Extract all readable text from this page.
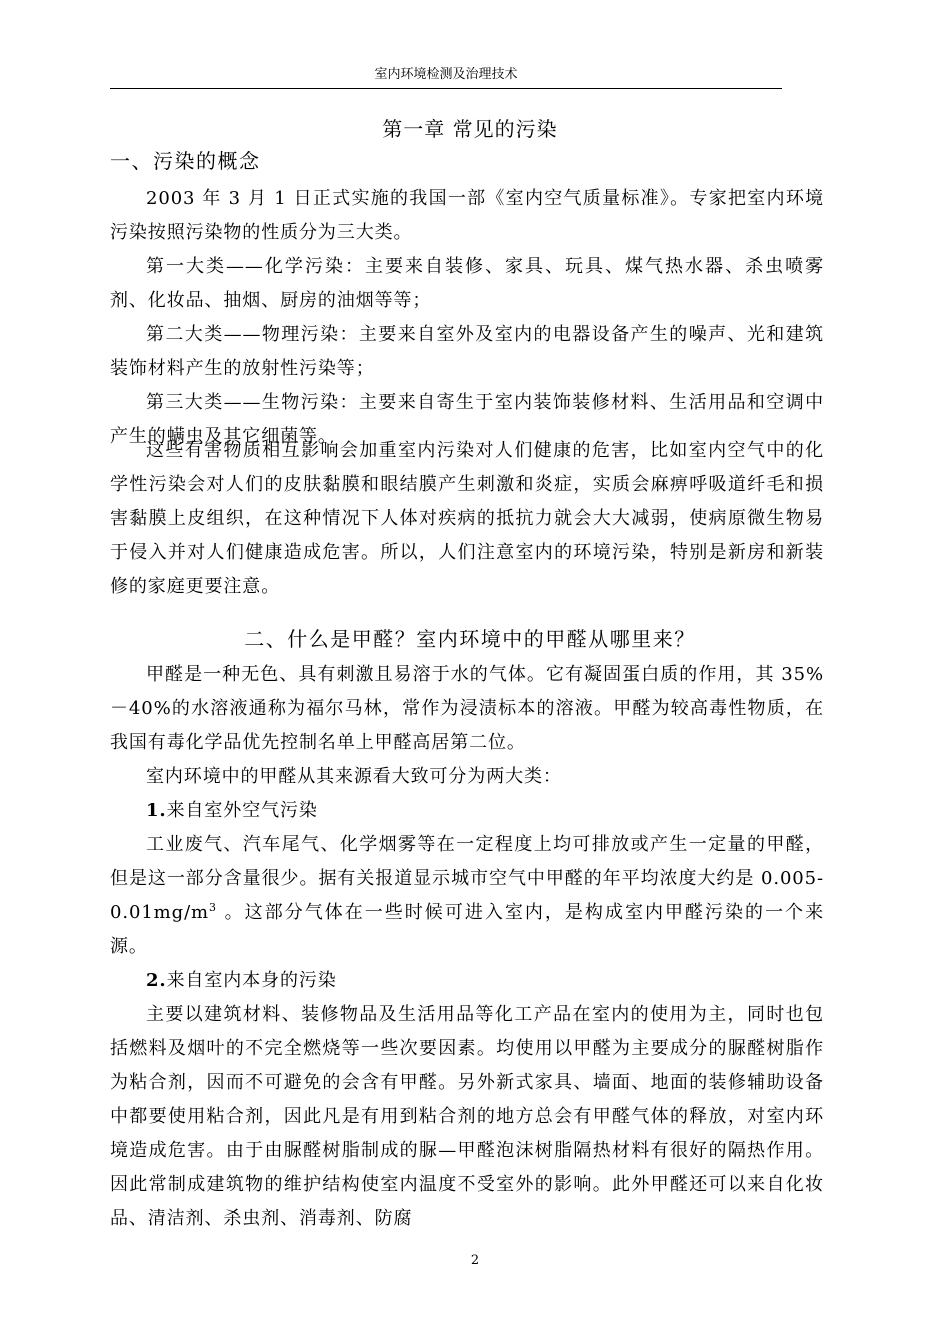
室内环境检测及治理技术
第一章 常见的污染
一、污染的概念

2003 年 3 月 1 日正式实施的我国一部《室内空气质量标准》。专家把室内环境污染按照污染物的性质分为三大类。

第一大类——化学污染：主要来自装修、家具、玩具、煤气热水器、杀虫喷雾剂、化妆品、抽烟、厨房的油烟等等；

第二大类——物理污染：主要来自室外及室内的电器设备产生的噪声、光和建筑装饰材料产生的放射性污染等；

第三大类——生物污染：主要来自寄生于室内装饰装修材料、生活用品和空调中产生的螨虫及其它细菌等。

这些有害物质相互影响会加重室内污染对人们健康的危害，比如室内空气中的化学性污染会对人们的皮肤黏膜和眼结膜产生刺激和炎症，实质会麻痹呼吸道纤毛和损害黏膜上皮组织，在这种情况下人体对疾病的抵抗力就会大大减弱，使病原微生物易于侵入并对人们健康造成危害。所以，人们注意室内的环境污染，特别是新房和新装修的家庭更要注意。

二、什么是甲醛？室内环境中的甲醛从哪里来？

甲醛是一种无色、具有刺激且易溶于水的气体。它有凝固蛋白质的作用，其 35%－40%的水溶液通称为福尔马林，常作为浸渍标本的溶液。甲醛为较高毒性物质，在我国有毒化学品优先控制名单上甲醛高居第二位。

室内环境中的甲醛从其来源看大致可分为两大类：

1.来自室外空气污染

工业废气、汽车尾气、化学烟雾等在一定程度上均可排放或产生一定量的甲醛，但是这一部分含量很少。据有关报道显示城市空气中甲醛的年平均浓度大约是 $0.005-0.01mg/m^3$ 。这部分气体在一些时候可进入室内，是构成室内甲醛污染的一个来源。

2.来自室内本身的污染

主要以建筑材料、装修物品及生活用品等化工产品在室内的使用为主，同时也包括燃料及烟叶的不完全燃烧等一些次要因素。均使用以甲醛为主要成分的脲醛树脂作为粘合剂，因而不可避免的会含有甲醛。另外新式家具、墙面、地面的装修辅助设备中都要使用粘合剂，因此凡是有用到粘合剂的地方总会有甲醛气体的释放，对室内环境造成危害。由于由脲醛树脂制成的脲—甲醛泡沫树脂隔热材料有很好的隔热作用。因此常制成建筑物的维护结构使室内温度不受室外的影响。此外甲醛还可以来自化妆品、清洁剂、杀虫剂、消毒剂、防腐

2
